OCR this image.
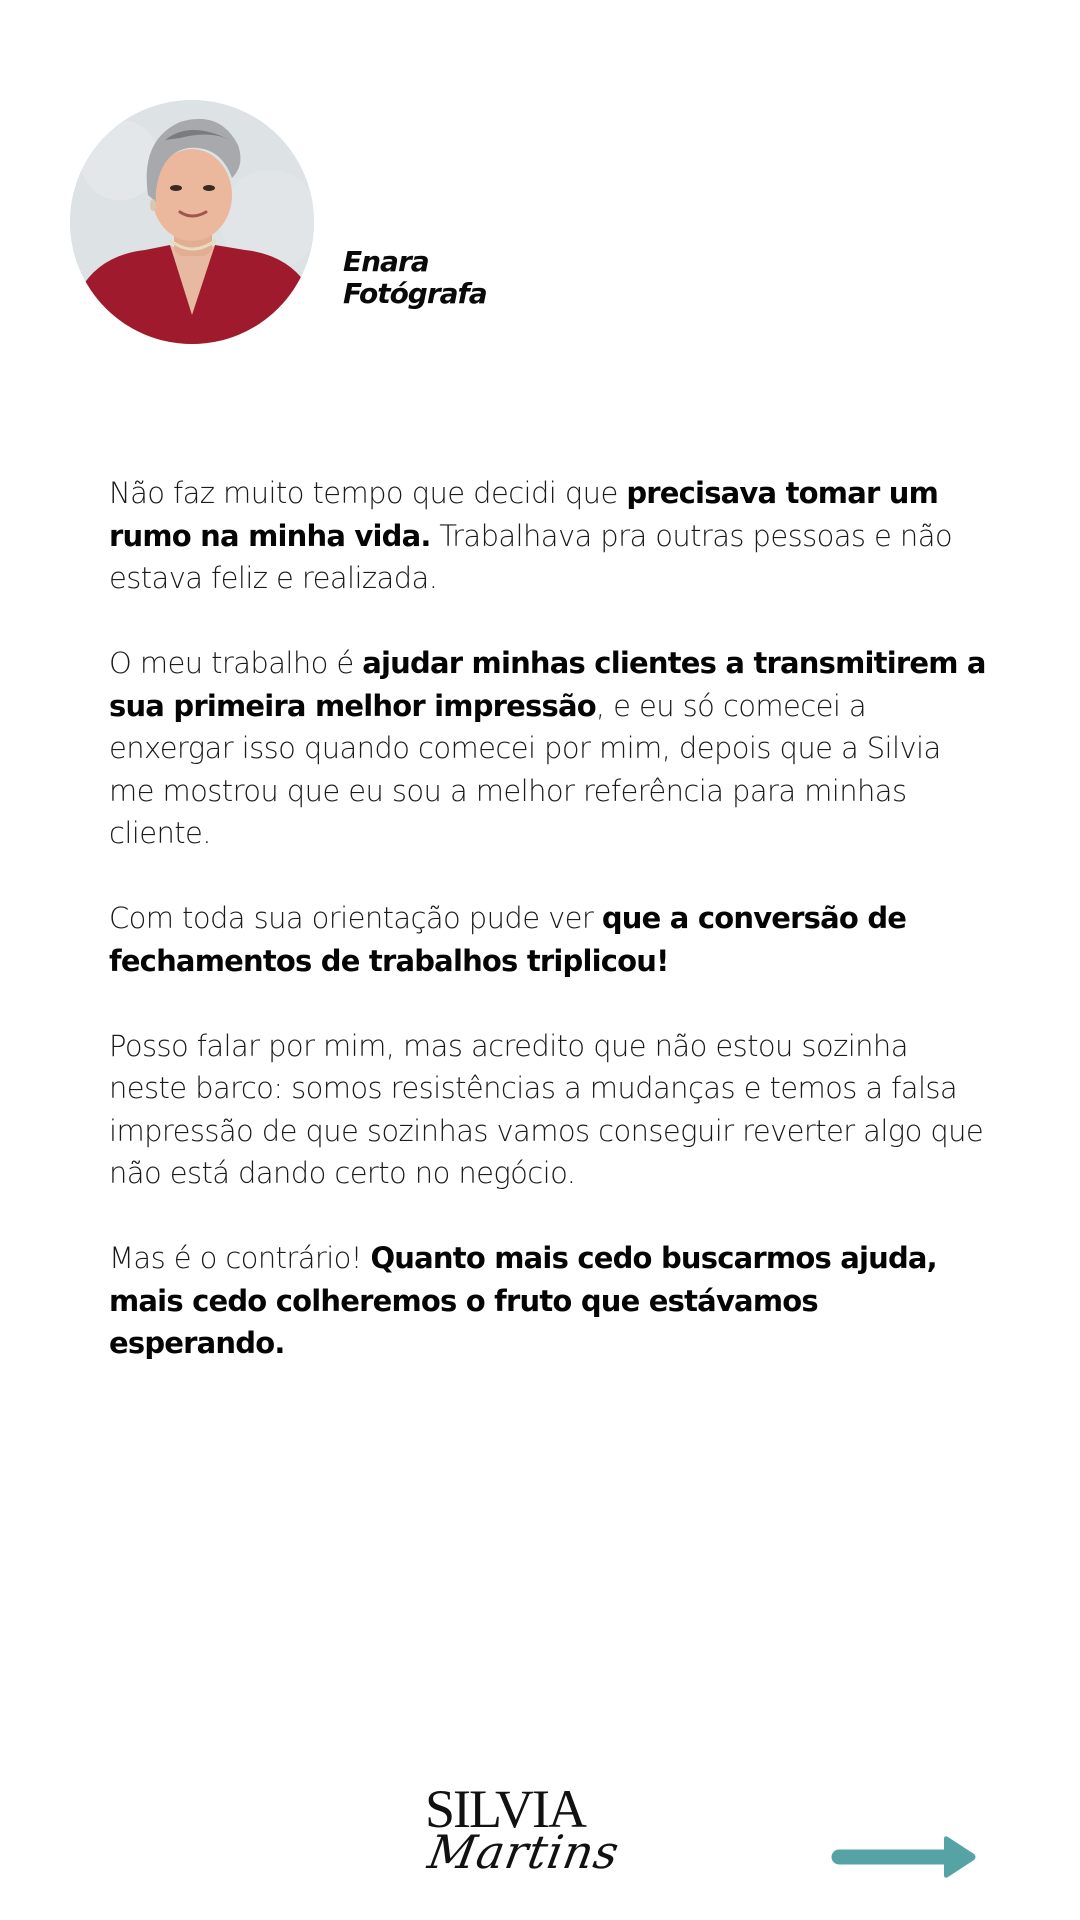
Enara
Fotógrafa

Não faz muito tempo que decidi que precisava tomar um rumo na minha vida. Trabalhava pra outras pessoas e não estava feliz e realizada.

O meu trabalho é ajudar minhas clientes a transmitirem a sua primeira melhor impressão, e eu só comecei a enxergar isso quando comecei por mim, depois que a Silvia me mostrou que eu sou a melhor referência para minhas cliente.

Com toda sua orientação pude ver que a conversão de fechamentos de trabalhos triplicou!

Posso falar por mim, mas acredito que não estou sozinha neste barco: somos resistências a mudanças e temos a falsa impressão de que sozinhas vamos conseguir reverter algo que não está dando certo no negócio.

Mas é o contrário! Quanto mais cedo buscarmos ajuda, mais cedo colheremos o fruto que estávamos esperando.

SILVIA
Martins
